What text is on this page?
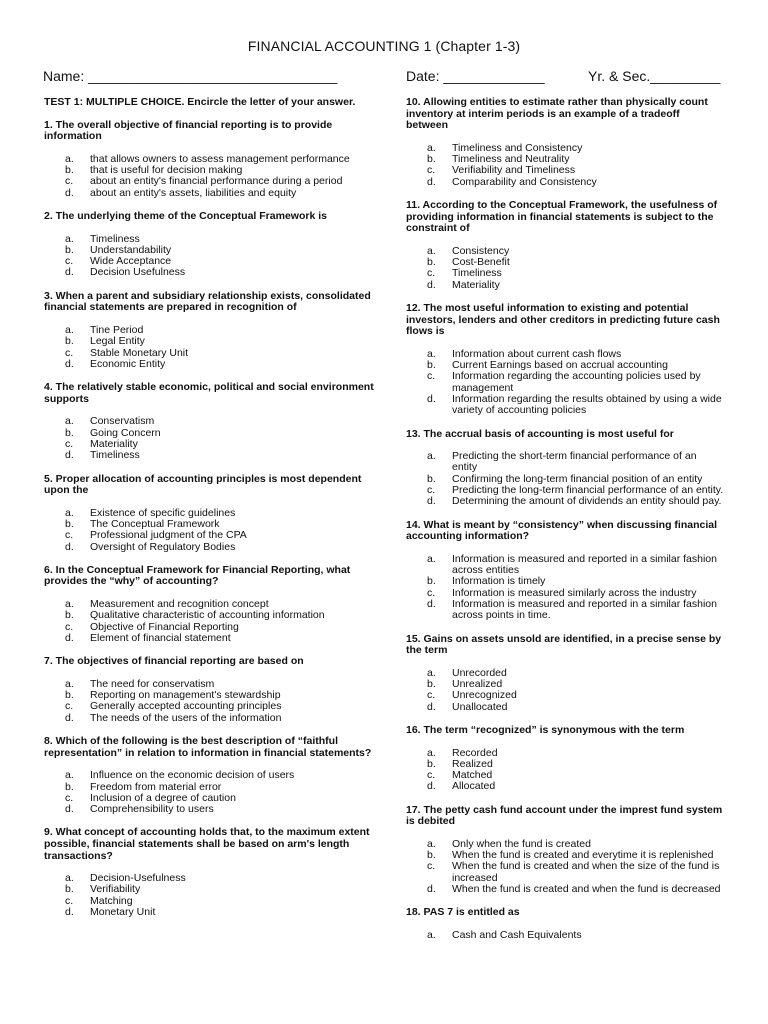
FINANCIAL ACCOUNTING 1 (Chapter 1-3)
Name: ________________________________	Date: _____________	Yr. & Sec._________
TEST 1: MULTIPLE CHOICE. Encircle the letter of your answer.
1. The overall objective of financial reporting is to provide information
a.	that allows owners to assess management performance
b.	that is useful for decision making
c.	about an entity's financial performance during a period
d.	about an entity's assets, liabilities and equity
2. The underlying theme of the Conceptual Framework is
a.	Timeliness
b.	Understandability
c.	Wide Acceptance
d.	Decision Usefulness
3. When a parent and subsidiary relationship exists, consolidated financial statements are prepared in recognition of
a.	Tine Period
b.	Legal Entity
c.	Stable Monetary Unit
d.	Economic Entity
4. The relatively stable economic, political and social environment supports
a.	Conservatism
b.	Going Concern
c.	Materiality
d.	Timeliness
5. Proper allocation of accounting principles is most dependent upon the
a.	Existence of specific guidelines
b.	The Conceptual Framework
c.	Professional judgment of the CPA
d.	Oversight of Regulatory Bodies
6. In the Conceptual Framework for Financial Reporting, what provides the “why” of accounting?
a.	Measurement and recognition concept
b.	Qualitative characteristic of accounting information
c.	Objective of Financial Reporting
d.	Element of financial statement
7. The objectives of financial reporting are based on
a.	The need for conservatism
b.	Reporting on management's stewardship
c.	Generally accepted accounting principles
d.	The needs of the users of the information
8. Which of the following is the best description of “faithful representation” in relation to information in financial statements?
a.	Influence on the economic decision of users
b.	Freedom from material error
c.	Inclusion of a degree of caution
d.	Comprehensibility to users
9. What concept of accounting holds that, to the maximum extent possible, financial statements shall be based on arm's length transactions?
a.	Decision-Usefulness
b.	Verifiability
c.	Matching
d.	Monetary Unit
10. Allowing entities to estimate rather than physically count inventory at interim periods is an example of a tradeoff between
a.	Timeliness and Consistency
b.	Timeliness and Neutrality
c.	Verifiability and Timeliness
d.	Comparability and Consistency
11. According to the Conceptual Framework, the usefulness of providing information in financial statements is subject to the constraint of
a.	Consistency
b.	Cost-Benefit
c.	Timeliness
d.	Materiality
12. The most useful information to existing and potential investors, lenders and other creditors in predicting future cash flows is
a.	Information about current cash flows
b.	Current Earnings based on accrual accounting
c.	Information regarding the accounting policies used by management
d.	Information regarding the results obtained by using a wide variety of accounting policies
13. The accrual basis of accounting is most useful for
a.	Predicting the short-term financial performance of an entity
b.	Confirming the long-term financial position of an entity
c.	Predicting the long-term financial performance of an entity.
d.	Determining the amount of dividends an entity should pay.
14. What is meant by “consistency” when discussing financial accounting information?
a.	Information is measured and reported in a similar fashion across entities
b.	Information is timely
c.	Information is measured similarly across the industry
d.	Information is measured and reported in a similar fashion across points in time.
15. Gains on assets unsold are identified, in a precise sense by the term
a.	Unrecorded
b.	Unrealized
c.	Unrecognized
d.	Unallocated
16. The term “recognized” is synonymous with the term
a.	Recorded
b.	Realized
c.	Matched
d.	Allocated
17. The petty cash fund account under the imprest fund system is debited
a.	Only when the fund is created
b.	When the fund is created and everytime it is replenished
c.	When the fund is created and when the size of the fund is increased
d.	When the fund is created and when the fund is decreased
18. PAS 7 is entitled as
a.	Cash and Cash Equivalents
